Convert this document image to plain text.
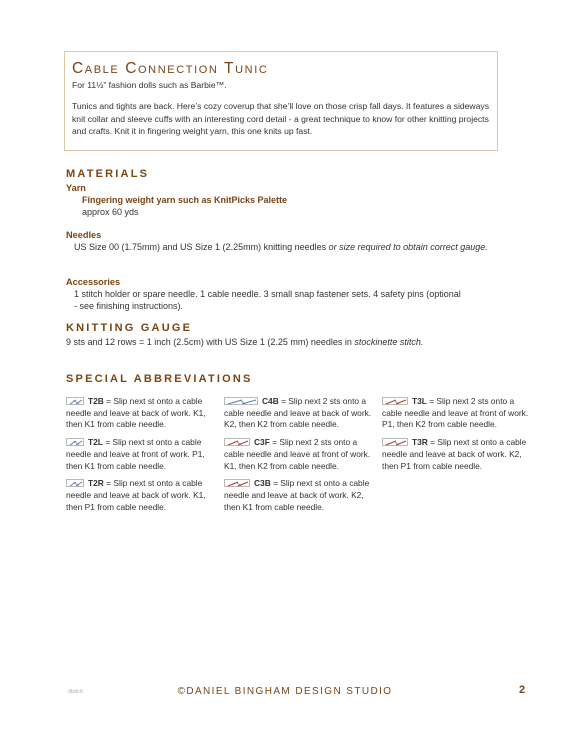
Cable Connection Tunic

For 11½” fashion dolls such as Barbie™.

Tunics and tights are back. Here’s cozy coverup that she’ll love on those crisp fall days. It features a sideways knit collar and sleeve cuffs with an interesting cord detail - a great technique to know for other knitting projects and crafts. Knit it in fingering weight yarn, this one knits up fast.

MATERIALS
Yarn
Fingering weight yarn such as KnitPicks Palette
approx 60 yds
Needles
US Size 00 (1.75mm) and US Size 1 (2.25mm) knitting needles or size required to obtain correct gauge.
Accessories
1 stitch holder or spare needle. 1 cable needle. 3 small snap fastener sets. 4 safety pins (optional
- see finishing instructions).
KNITTING GAUGE
9 sts and 12 rows = 1 inch (2.5cm) with US Size 1 (2.25 mm) needles in stockinette stitch.
SPECIAL ABBREVIATIONS
T2B = Slip next st onto a cable needle and leave at back of work. K1, then K1 from cable needle.
T2L = Slip next st onto a cable needle and leave at front of work. P1, then K1 from cable needle.
T2R = Slip next st onto a cable needle and leave at back of work. K1, then P1 from cable needle.
C4B = Slip next 2 sts onto a cable needle and leave at back of work. K2, then K2 from cable needle.
C3F = Slip next 2 sts onto a cable needle and leave at front of work. K1, then K2 from cable needle.
C3B = Slip next st onto a cable needle and leave at back of work. K2, then K1 from cable needle.
T3L = Slip next 2 sts onto a cable needle and leave at front of work. P1, then K2 from cable needle.
T3R = Slip next st onto a cable needle and leave at back of work. K2, then P1 from cable needle.
dbdc6	©DANIEL BINGHAM DESIGN STUDIO	2
